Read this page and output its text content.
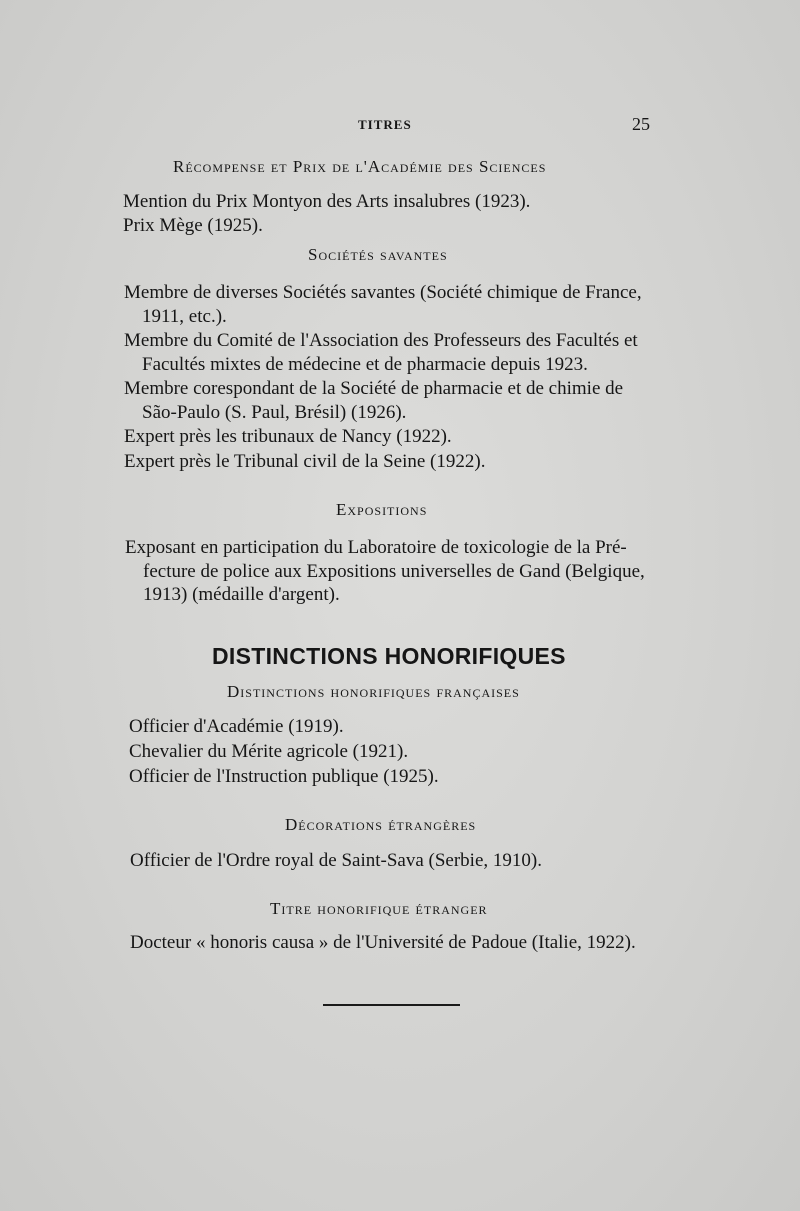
TITRES	25
Récompense et Prix de l'Académie des Sciences
Mention du Prix Montyon des Arts insalubres (1923).
Prix Mège (1925).
Sociétés savantes
Membre de diverses Sociétés savantes (Société chimique de France,
1911, etc.).
Membre du Comité de l'Association des Professeurs des Facultés et
Facultés mixtes de médecine et de pharmacie depuis 1923.
Membre corespondant de la Société de pharmacie et de chimie de
São-Paulo (S. Paul, Brésil) (1926).
Expert près les tribunaux de Nancy (1922).
Expert près le Tribunal civil de la Seine (1922).
Expositions
Exposant en participation du Laboratoire de toxicologie de la Pré-
fecture de police aux Expositions universelles de Gand (Belgique,
1913) (médaille d'argent).
DISTINCTIONS HONORIFIQUES
Distinctions honorifiques françaises
Officier d'Académie (1919).
Chevalier du Mérite agricole (1921).
Officier de l'Instruction publique (1925).
Décorations étrangères
Officier de l'Ordre royal de Saint-Sava (Serbie, 1910).
Titre honorifique étranger
Docteur « honoris causa » de l'Université de Padoue (Italie, 1922).
